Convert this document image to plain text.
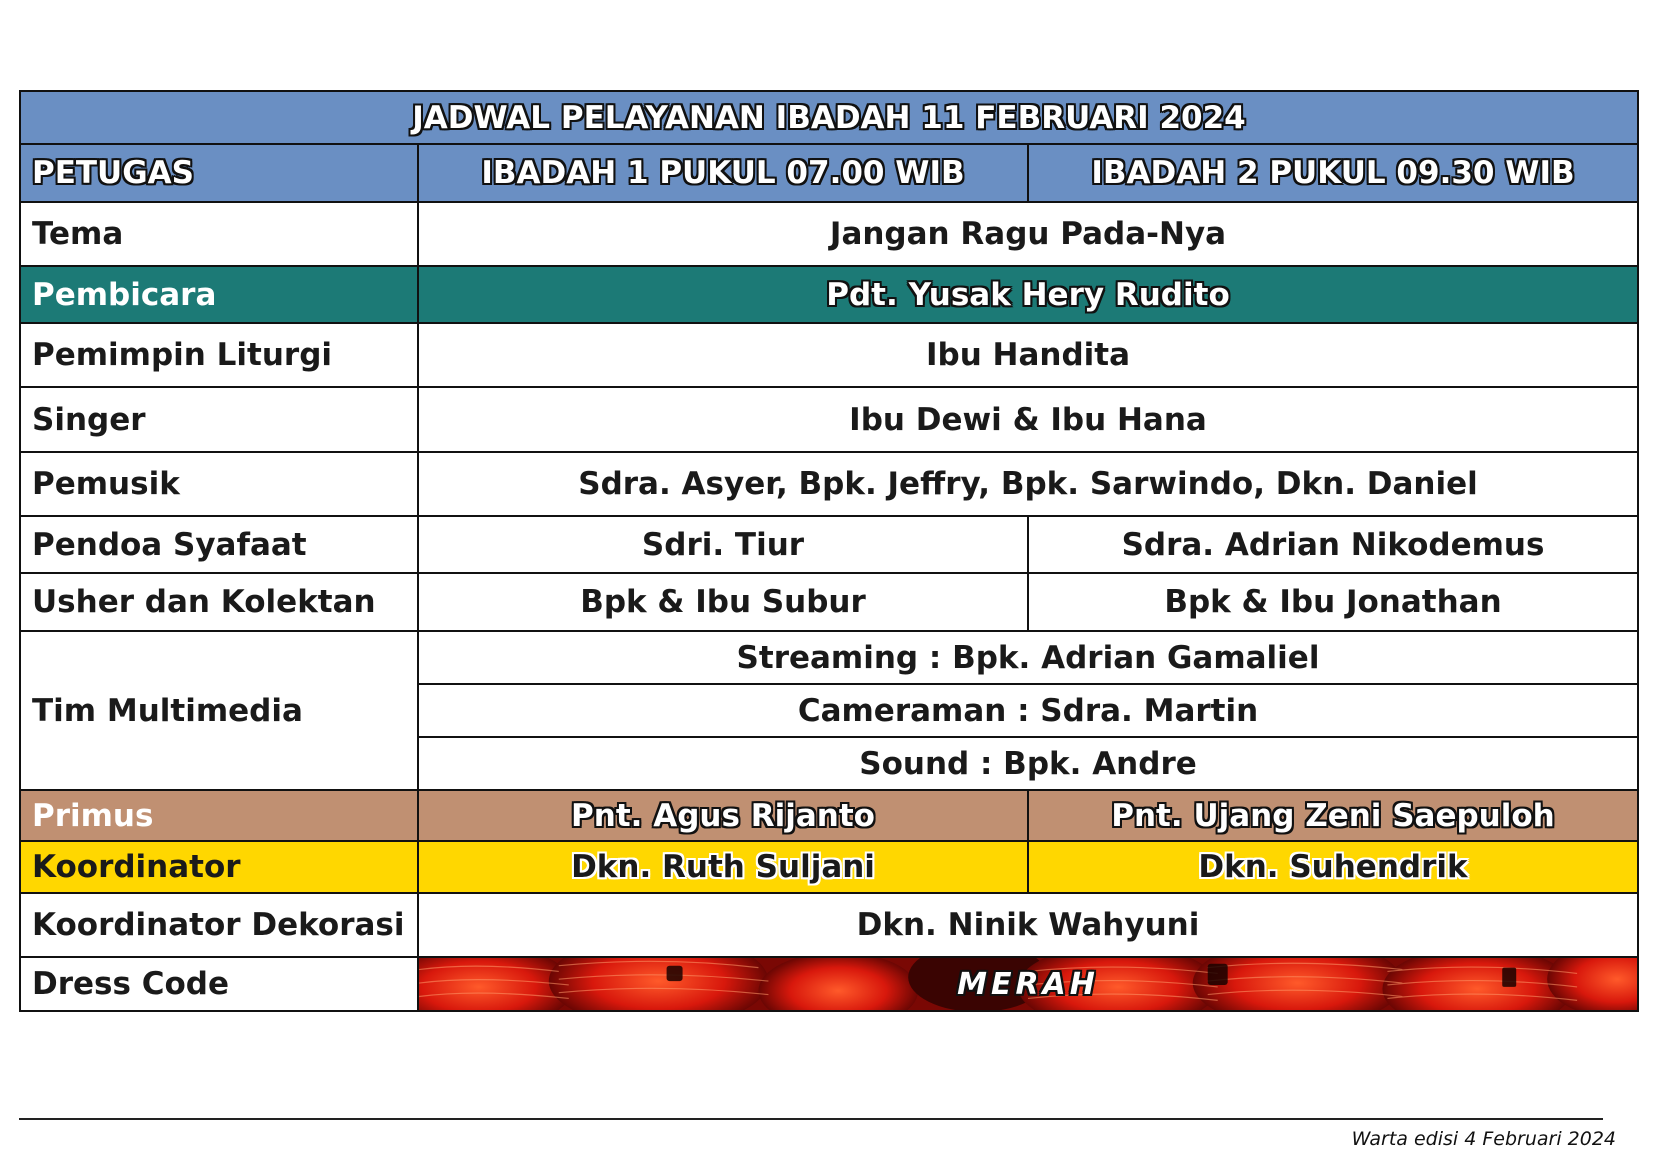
JADWAL PELAYANAN IBADAH 11 FEBRUARI 2024		
PETUGAS	IBADAH 1 PUKUL 07.00 WIB	IBADAH 2 PUKUL 09.30 WIB
Tema	Jangan Ragu Pada-Nya	
Pembicara	Pdt. Yusak Hery Rudito	
Pemimpin Liturgi	Ibu Handita	
Singer	Ibu Dewi & Ibu Hana	
Pemusik	Sdra. Asyer, Bpk. Jeffry, Bpk. Sarwindo, Dkn. Daniel	
Pendoa Syafaat	Sdri. Tiur	Sdra. Adrian Nikodemus
Usher dan Kolektan	Bpk & Ibu Subur	Bpk & Ibu Jonathan
Tim Multimedia	Streaming : Bpk. Adrian Gamaliel	
	Cameraman : Sdra. Martin	
	Sound : Bpk. Andre	
Primus	Pnt. Agus Rijanto	Pnt. Ujang Zeni Saepuloh
Koordinator	Dkn. Ruth Suljani	Dkn. Suhendrik
Koordinator Dekorasi	Dkn. Ninik Wahyuni	
Dress Code	MERAH	
Warta edisi 4 Februari 2024
